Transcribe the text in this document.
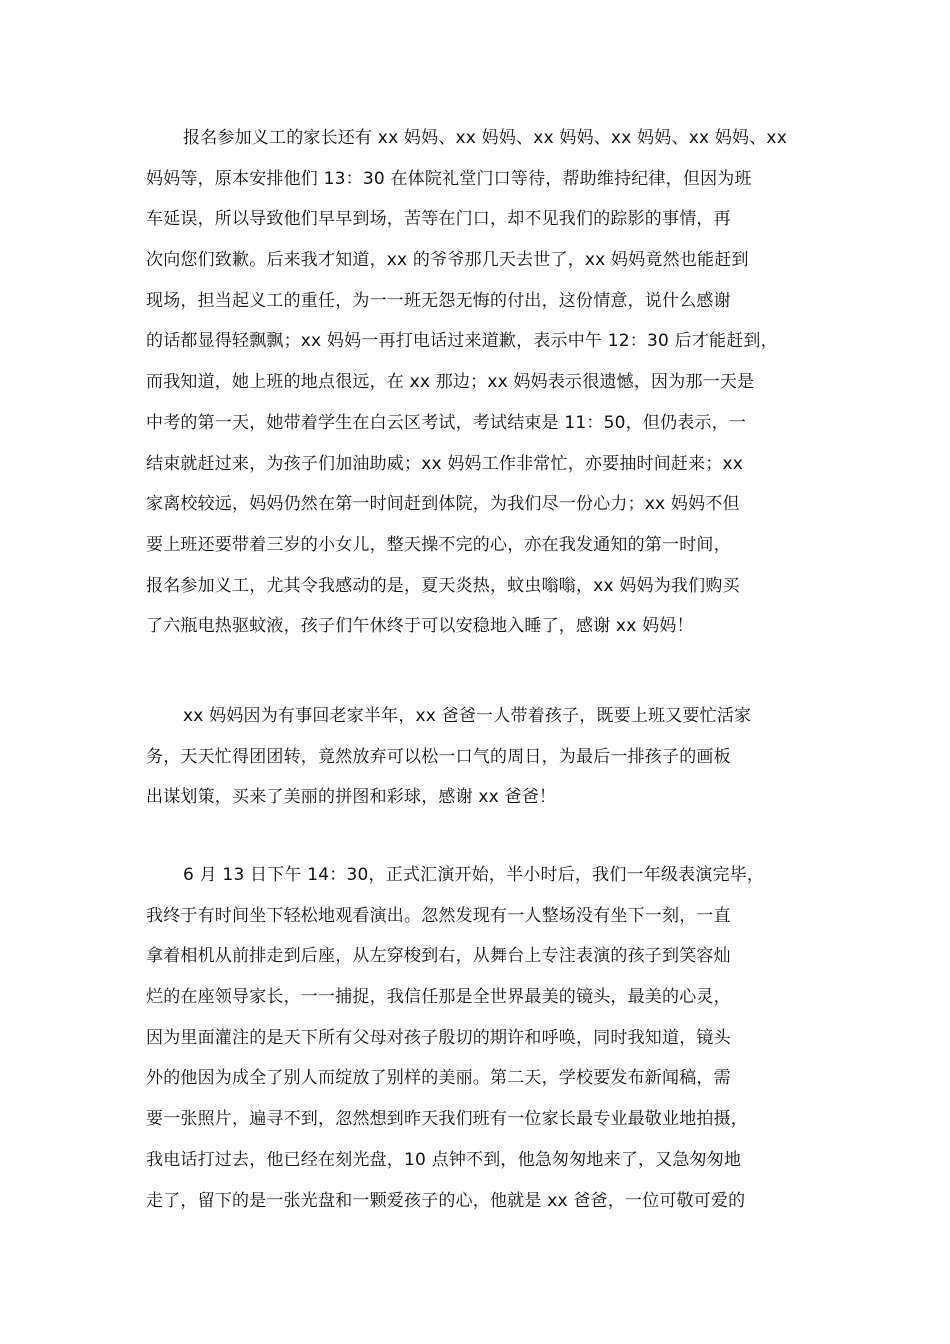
报名参加义工的家长还有 xx 妈妈、xx 妈妈、xx 妈妈、xx 妈妈、xx 妈妈、xx
妈妈等，原本安排他们 13：30 在体院礼堂门口等待，帮助维持纪律，但因为班
车延误，所以导致他们早早到场，苦等在门口，却不见我们的踪影的事情，再
次向您们致歉。后来我才知道，xx 的爷爷那几天去世了，xx 妈妈竟然也能赶到
现场，担当起义工的重任，为一一班无怨无悔的付出，这份情意，说什么感谢
的话都显得轻飘飘；xx 妈妈一再打电话过来道歉，表示中午 12：30 后才能赶到，
而我知道，她上班的地点很远，在 xx 那边；xx 妈妈表示很遗憾，因为那一天是
中考的第一天，她带着学生在白云区考试，考试结束是 11：50，但仍表示，一
结束就赶过来，为孩子们加油助威；xx 妈妈工作非常忙，亦要抽时间赶来；xx
家离校较远，妈妈仍然在第一时间赶到体院，为我们尽一份心力；xx 妈妈不但
要上班还要带着三岁的小女儿，整天操不完的心，亦在我发通知的第一时间，
报名参加义工，尤其令我感动的是，夏天炎热，蚊虫嗡嗡，xx 妈妈为我们购买
了六瓶电热驱蚊液，孩子们午休终于可以安稳地入睡了，感谢 xx 妈妈！
xx 妈妈因为有事回老家半年，xx 爸爸一人带着孩子，既要上班又要忙活家
务，天天忙得团团转，竟然放弃可以松一口气的周日，为最后一排孩子的画板
出谋划策，买来了美丽的拼图和彩球，感谢 xx 爸爸！
6 月 13 日下午 14：30，正式汇演开始，半小时后，我们一年级表演完毕，
我终于有时间坐下轻松地观看演出。忽然发现有一人整场没有坐下一刻，一直
拿着相机从前排走到后座，从左穿梭到右，从舞台上专注表演的孩子到笑容灿
烂的在座领导家长，一一捕捉，我信任那是全世界最美的镜头，最美的心灵，
因为里面灌注的是天下所有父母对孩子殷切的期许和呼唤，同时我知道，镜头
外的他因为成全了别人而绽放了别样的美丽。第二天，学校要发布新闻稿，需
要一张照片，遍寻不到，忽然想到昨天我们班有一位家长最专业最敬业地拍摄，
我电话打过去，他已经在刻光盘，10 点钟不到，他急匆匆地来了，又急匆匆地
走了，留下的是一张光盘和一颗爱孩子的心，他就是 xx 爸爸，一位可敬可爱的
